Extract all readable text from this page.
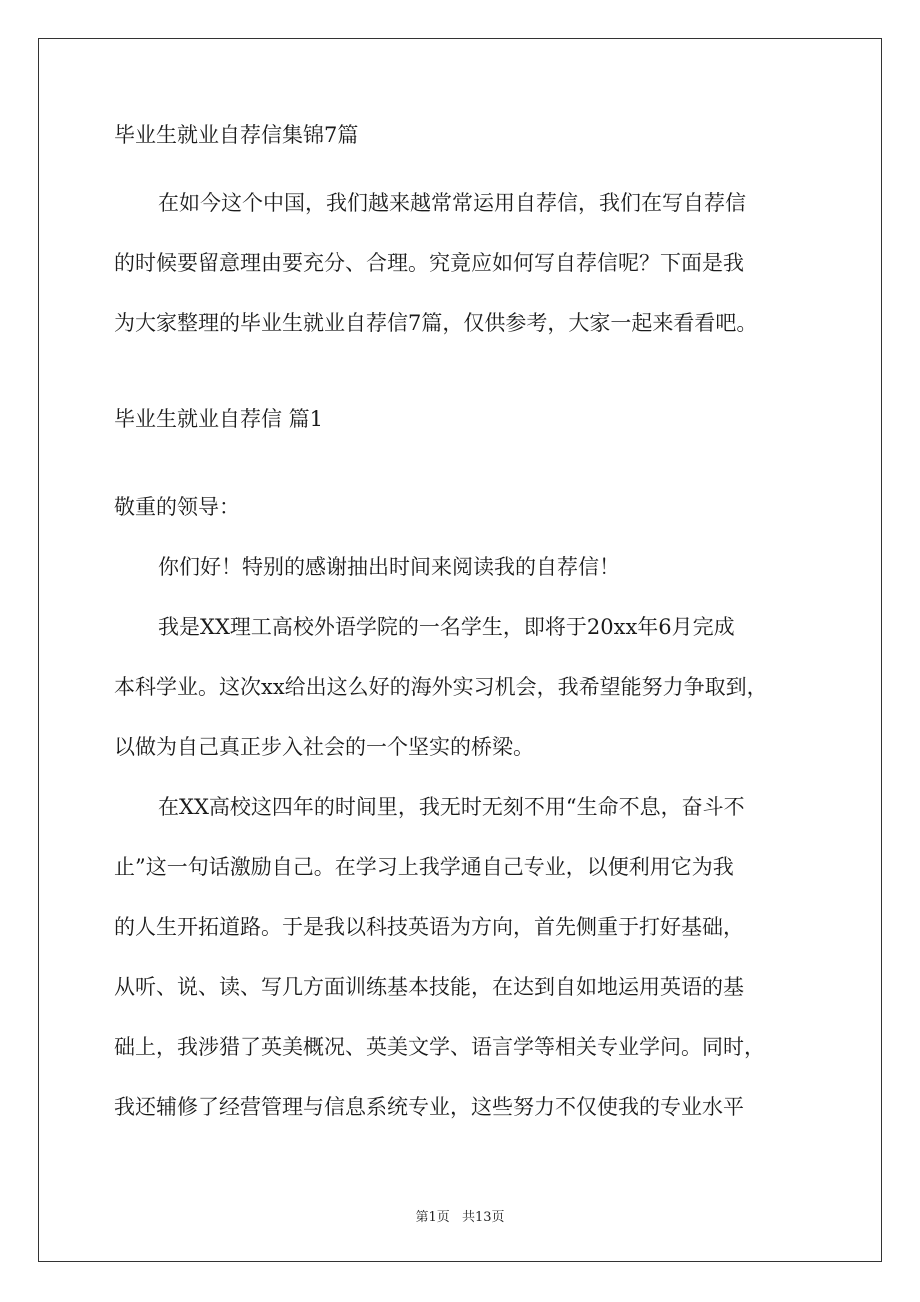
毕业生就业自荐信集锦7篇
在如今这个中国，我们越来越常常运用自荐信，我们在写自荐信
的时候要留意理由要充分、合理。究竟应如何写自荐信呢？下面是我
为大家整理的毕业生就业自荐信7篇，仅供参考，大家一起来看看吧。
毕业生就业自荐信 篇1
敬重的领导：
你们好！特别的感谢抽出时间来阅读我的自荐信！
我是XX理工高校外语学院的一名学生，即将于20xx年6月完成
本科学业。这次xx给出这么好的海外实习机会，我希望能努力争取到，
以做为自己真正步入社会的一个坚实的桥梁。
在XX高校这四年的时间里，我无时无刻不用“生命不息，奋斗不
止”这一句话激励自己。在学习上我学通自己专业，以便利用它为我
的人生开拓道路。于是我以科技英语为方向，首先侧重于打好基础，
从听、说、读、写几方面训练基本技能，在达到自如地运用英语的基
础上，我涉猎了英美概况、英美文学、语言学等相关专业学问。同时，
我还辅修了经营管理与信息系统专业，这些努力不仅使我的专业水平
第1页 共13页
